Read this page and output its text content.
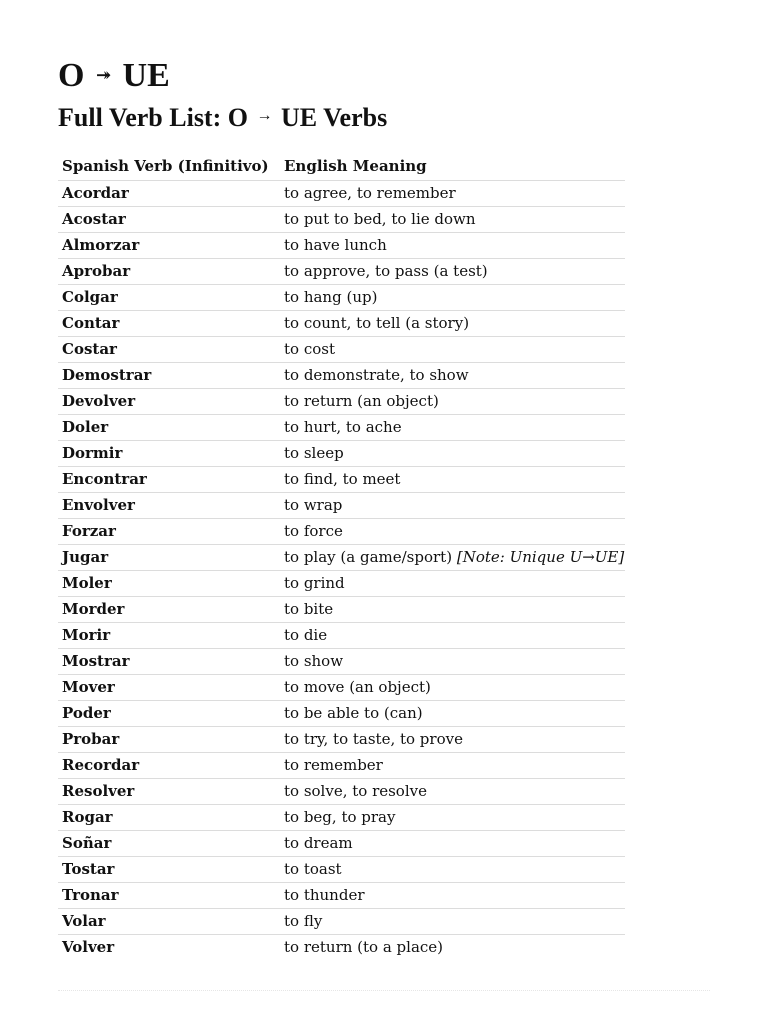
O ↠ UE
Full Verb List: O → UE Verbs
Spanish Verb (Infinitivo)	English Meaning
Acordar	to agree, to remember
Acostar	to put to bed, to lie down
Almorzar	to have lunch
Aprobar	to approve, to pass (a test)
Colgar	to hang (up)
Contar	to count, to tell (a story)
Costar	to cost
Demostrar	to demonstrate, to show
Devolver	to return (an object)
Doler	to hurt, to ache
Dormir	to sleep
Encontrar	to find, to meet
Envolver	to wrap
Forzar	to force
Jugar	to play (a game/sport) [Note: Unique U→UE]
Moler	to grind
Morder	to bite
Morir	to die
Mostrar	to show
Mover	to move (an object)
Poder	to be able to (can)
Probar	to try, to taste, to prove
Recordar	to remember
Resolver	to solve, to resolve
Rogar	to beg, to pray
Soñar	to dream
Tostar	to toast
Tronar	to thunder
Volar	to fly
Volver	to return (to a place)
